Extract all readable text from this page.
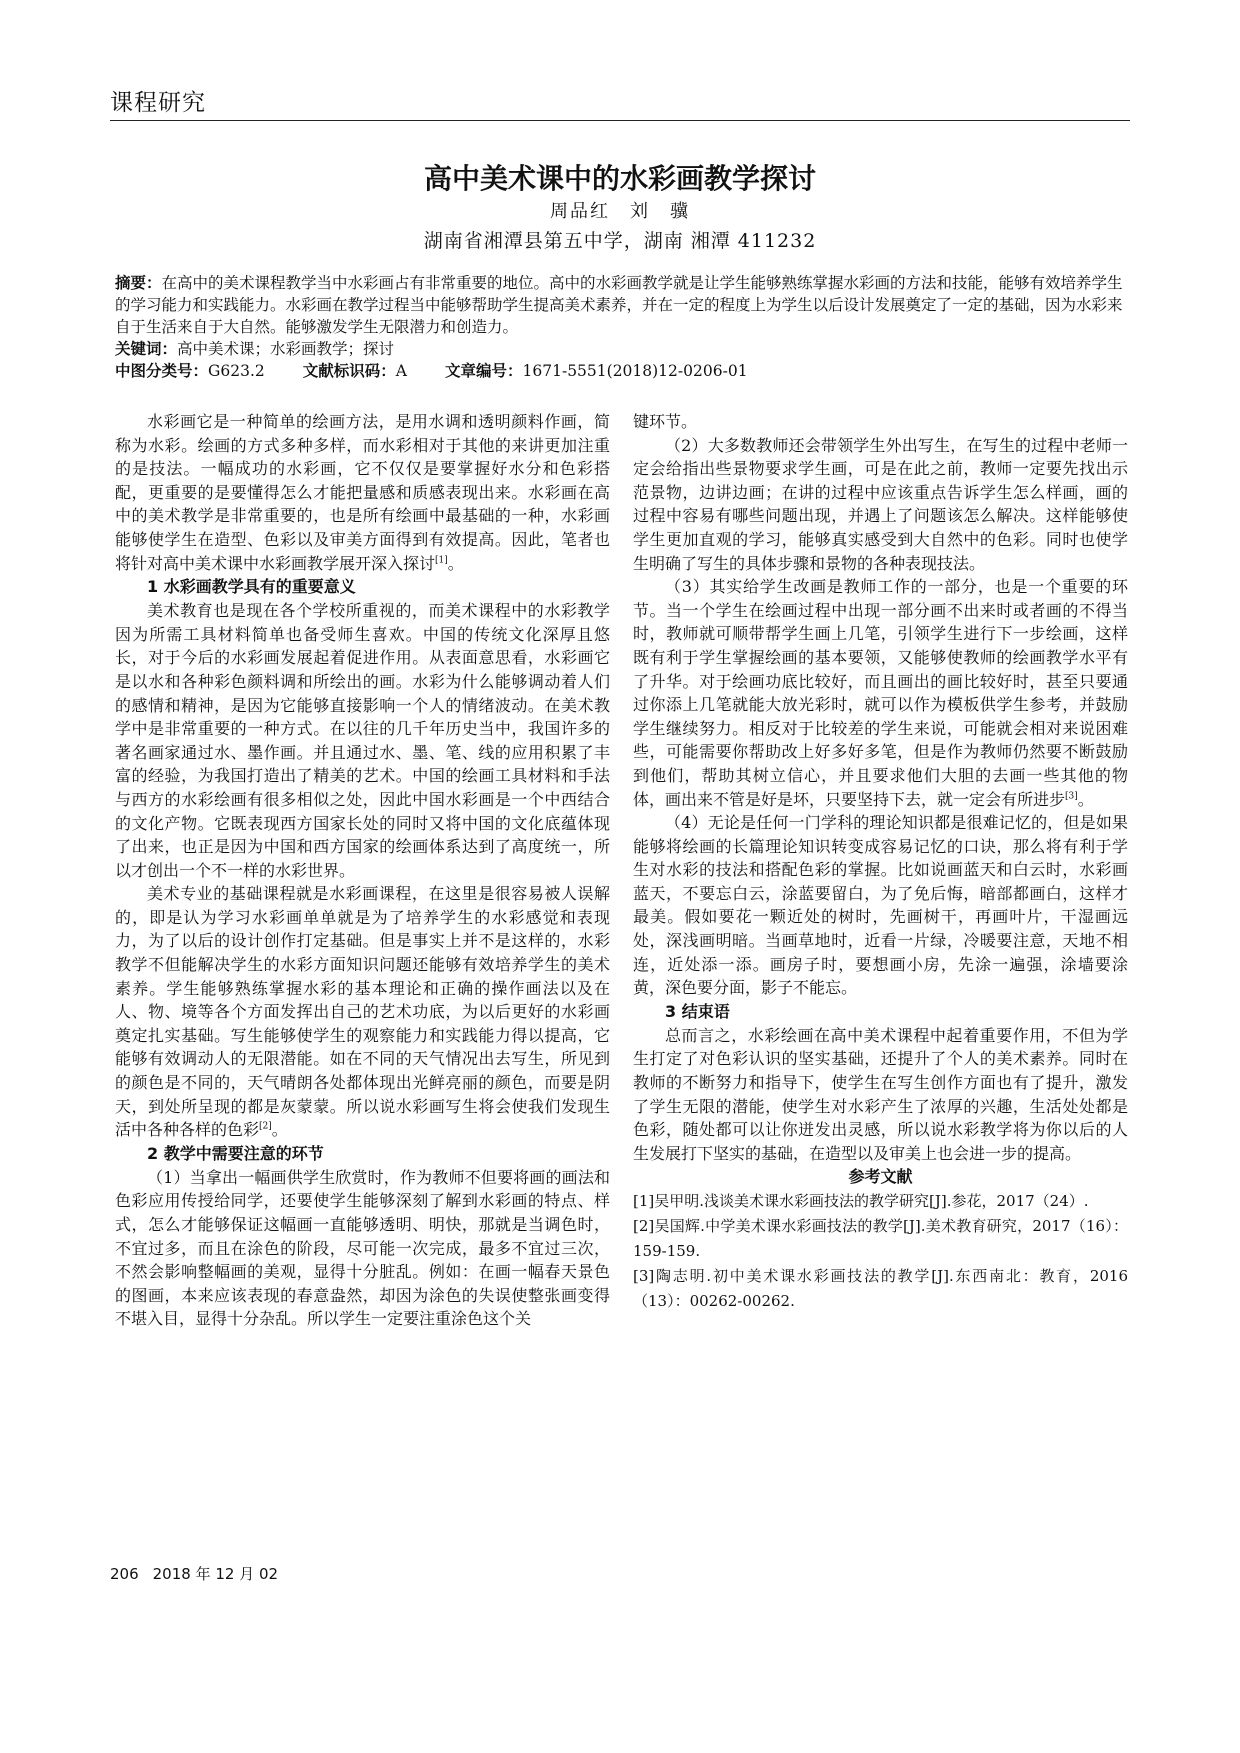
课程研究
高中美术课中的水彩画教学探讨
周品红　刘　骥
湖南省湘潭县第五中学，湖南 湘潭 411232

摘要：在高中的美术课程教学当中水彩画占有非常重要的地位。高中的水彩画教学就是让学生能够熟练掌握水彩画的方法和技能，能够有效培养学生的学习能力和实践能力。水彩画在教学过程当中能够帮助学生提高美术素养，并在一定的程度上为学生以后设计发展奠定了一定的基础，因为水彩来自于生活来自于大自然。能够激发学生无限潜力和创造力。

关键词：高中美术课；水彩画教学；探讨

中图分类号：G623.2 文献标识码：A 文章编号：1671-5551(2018)12-0206-01

水彩画它是一种简单的绘画方法，是用水调和透明颜料作画，简称为水彩。绘画的方式多种多样，而水彩相对于其他的来讲更加注重的是技法。一幅成功的水彩画，它不仅仅是要掌握好水分和色彩搭配，更重要的是要懂得怎么才能把量感和质感表现出来。水彩画在高中的美术教学是非常重要的，也是所有绘画中最基础的一种，水彩画能够使学生在造型、色彩以及审美方面得到有效提高。因此，笔者也将针对高中美术课中水彩画教学展开深入探讨[1]。

1 水彩画教学具有的重要意义

美术教育也是现在各个学校所重视的，而美术课程中的水彩教学因为所需工具材料简单也备受师生喜欢。中国的传统文化深厚且悠长，对于今后的水彩画发展起着促进作用。从表面意思看，水彩画它是以水和各种彩色颜料调和所绘出的画。水彩为什么能够调动着人们的感情和精神，是因为它能够直接影响一个人的情绪波动。在美术教学中是非常重要的一种方式。在以往的几千年历史当中，我国许多的著名画家通过水、墨作画。并且通过水、墨、笔、线的应用积累了丰富的经验，为我国打造出了精美的艺术。中国的绘画工具材料和手法与西方的水彩绘画有很多相似之处，因此中国水彩画是一个中西结合的文化产物。它既表现西方国家长处的同时又将中国的文化底蕴体现了出来，也正是因为中国和西方国家的绘画体系达到了高度统一，所以才创出一个不一样的水彩世界。

美术专业的基础课程就是水彩画课程，在这里是很容易被人误解的，即是认为学习水彩画单单就是为了培养学生的水彩感觉和表现力，为了以后的设计创作打定基础。但是事实上并不是这样的，水彩教学不但能解决学生的水彩方面知识问题还能够有效培养学生的美术素养。学生能够熟练掌握水彩的基本理论和正确的操作画法以及在人、物、境等各个方面发挥出自己的艺术功底，为以后更好的水彩画奠定扎实基础。写生能够使学生的观察能力和实践能力得以提高，它能够有效调动人的无限潜能。如在不同的天气情况出去写生，所见到的颜色是不同的，天气晴朗各处都体现出光鲜亮丽的颜色，而要是阴天，到处所呈现的都是灰蒙蒙。所以说水彩画写生将会使我们发现生活中各种各样的色彩[2]。

2 教学中需要注意的环节

（1）当拿出一幅画供学生欣赏时，作为教师不但要将画的画法和色彩应用传授给同学，还要使学生能够深刻了解到水彩画的特点、样式，怎么才能够保证这幅画一直能够透明、明快，那就是当调色时，不宜过多，而且在涂色的阶段，尽可能一次完成，最多不宜过三次，不然会影响整幅画的美观，显得十分脏乱。例如：在画一幅春天景色的图画，本来应该表现的春意盎然，却因为涂色的失误使整张画变得不堪入目，显得十分杂乱。所以学生一定要注重涂色这个关

键环节。

（2）大多数教师还会带领学生外出写生，在写生的过程中老师一定会给指出些景物要求学生画，可是在此之前，教师一定要先找出示范景物，边讲边画；在讲的过程中应该重点告诉学生怎么样画，画的过程中容易有哪些问题出现，并遇上了问题该怎么解决。这样能够使学生更加直观的学习，能够真实感受到大自然中的色彩。同时也使学生明确了写生的具体步骤和景物的各种表现技法。

（3）其实给学生改画是教师工作的一部分，也是一个重要的环节。当一个学生在绘画过程中出现一部分画不出来时或者画的不得当时，教师就可顺带帮学生画上几笔，引领学生进行下一步绘画，这样既有利于学生掌握绘画的基本要领，又能够使教师的绘画教学水平有了升华。对于绘画功底比较好，而且画出的画比较好时，甚至只要通过你添上几笔就能大放光彩时，就可以作为模板供学生参考，并鼓励学生继续努力。相反对于比较差的学生来说，可能就会相对来说困难些，可能需要你帮助改上好多好多笔，但是作为教师仍然要不断鼓励到他们，帮助其树立信心，并且要求他们大胆的去画一些其他的物体，画出来不管是好是坏，只要坚持下去，就一定会有所进步[3]。

（4）无论是任何一门学科的理论知识都是很难记忆的，但是如果能够将绘画的长篇理论知识转变成容易记忆的口诀，那么将有利于学生对水彩的技法和搭配色彩的掌握。比如说画蓝天和白云时，水彩画蓝天，不要忘白云，涂蓝要留白，为了免后悔，暗部都画白，这样才最美。假如要花一颗近处的树时，先画树干，再画叶片，干湿画远处，深浅画明暗。当画草地时，近看一片绿，冷暖要注意，天地不相连，近处添一添。画房子时，要想画小房，先涂一遍强，涂墙要涂黄，深色要分面，影子不能忘。

3 结束语

总而言之，水彩绘画在高中美术课程中起着重要作用，不但为学生打定了对色彩认识的坚实基础，还提升了个人的美术素养。同时在教师的不断努力和指导下，使学生在写生创作方面也有了提升，激发了学生无限的潜能，使学生对水彩产生了浓厚的兴趣，生活处处都是色彩，随处都可以让你迸发出灵感，所以说水彩教学将为你以后的人生发展打下坚实的基础，在造型以及审美上也会进一步的提高。

参考文献

[1]吴甲明.浅谈美术课水彩画技法的教学研究[J].参花，2017（24）.

[2]吴国辉.中学美术课水彩画技法的教学[J].美术教育研究，2017（16）：159-159.

[3]陶志明.初中美术课水彩画技法的教学[J].东西南北：教育，2016（13）：00262-00262.

206 2018 年 12 月 02
